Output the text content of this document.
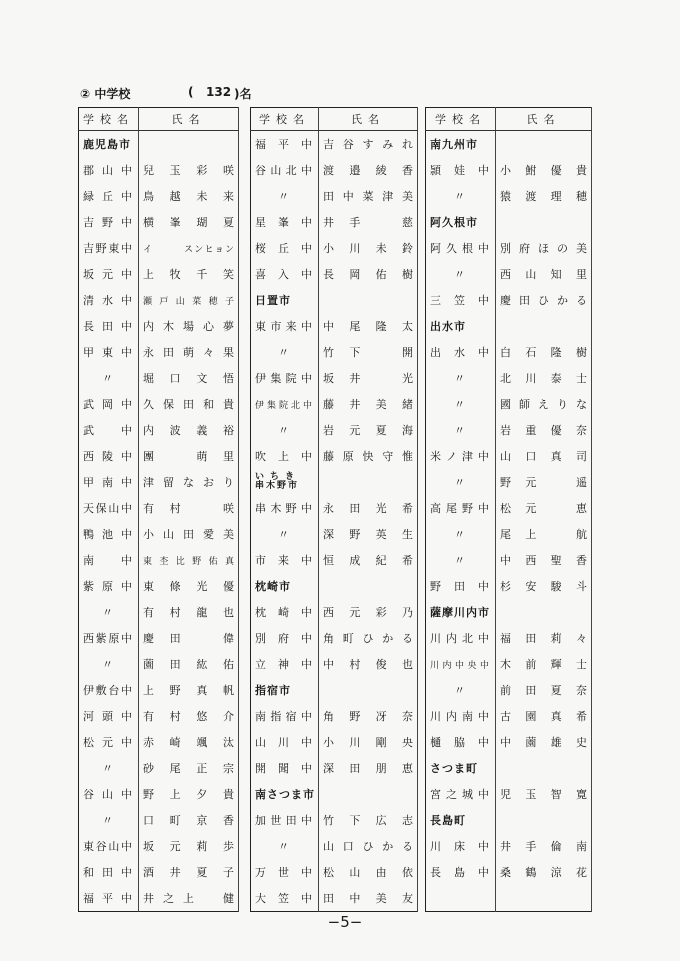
② 中学校	( 132 )名
学校名	氏名
鹿児島市	
郡山中	兒玉彩咲
緑丘中	鳥越未来
吉野中	横峯瑚夏
吉野東中	イ　　　スンヒョン
坂元中	上牧千笑
清水中	瀬戸山菜穂子
長田中	内木場心夢
甲東中	永田萌々果
〃	堀口文悟
武岡中	久保田和貴
武中	内波義裕
西陵中	團　萌里
甲南中	津留なおり
天保山中	有村　咲
鴨池中	小山田愛美
南中	東杢比野佑真
紫原中	東條光優
〃	有村龍也
西紫原中	慶田　偉
〃	薗田紘佑
伊敷台中	上野真帆
河頭中	有村悠介
松元中	赤崎颯汰
〃	砂尾正宗
谷山中	野上夕貴
〃	口町京香
東谷山中	坂元莉歩
和田中	酒井夏子
福平中	井之上　健
学校名	氏名
福平中	吉谷すみれ
谷山北中	渡邉綾香
〃	田中菜津美
星峯中	井手　慈
桜丘中	小川未鈴
喜入中	長岡佑樹
日置市	
東市来中	中尾隆太
〃	竹下　開
伊集院中	坂井　光
伊集院北中	藤井美緒
〃	岩元夏海
吹上中	藤原快守惟

いちき
串木野市	

串木野中	永田光希
〃	深野英生
市来中	恒成紀希
枕崎市	
枕崎中	西元彩乃
別府中	角町ひかる
立神中	中村俊也
指宿市	
南指宿中	角野冴奈
山川中	小川剛央
開聞中	深田朋恵
南さつま市	
加世田中	竹下広志
〃	山口ひかる
万世中	松山由依
大笠中	田中美友
学校名	氏名
南九州市	
頴娃中	小鮒優貴
〃	猿渡理穂
阿久根市	
阿久根中	別府ほの美
〃	西山知里
三笠中	慶田ひかる
出水市	
出水中	白石隆樹
〃	北川泰士
〃	國師えりな
〃	岩重優奈
米ノ津中	山口真司
〃	野元　遥
高尾野中	松元　恵
〃	尾上　航
〃	中西聖香
野田中	杉安駿斗
薩摩川内市	
川内北中	福田莉々
川内中央中	木前輝士
〃	前田夏奈
川内南中	古園真希
樋脇中	中薗雄史
さつま町	
宮之城中	児玉智寛
長島町	
川床中	井手倫南
長島中	桑鶴涼花

−5−
